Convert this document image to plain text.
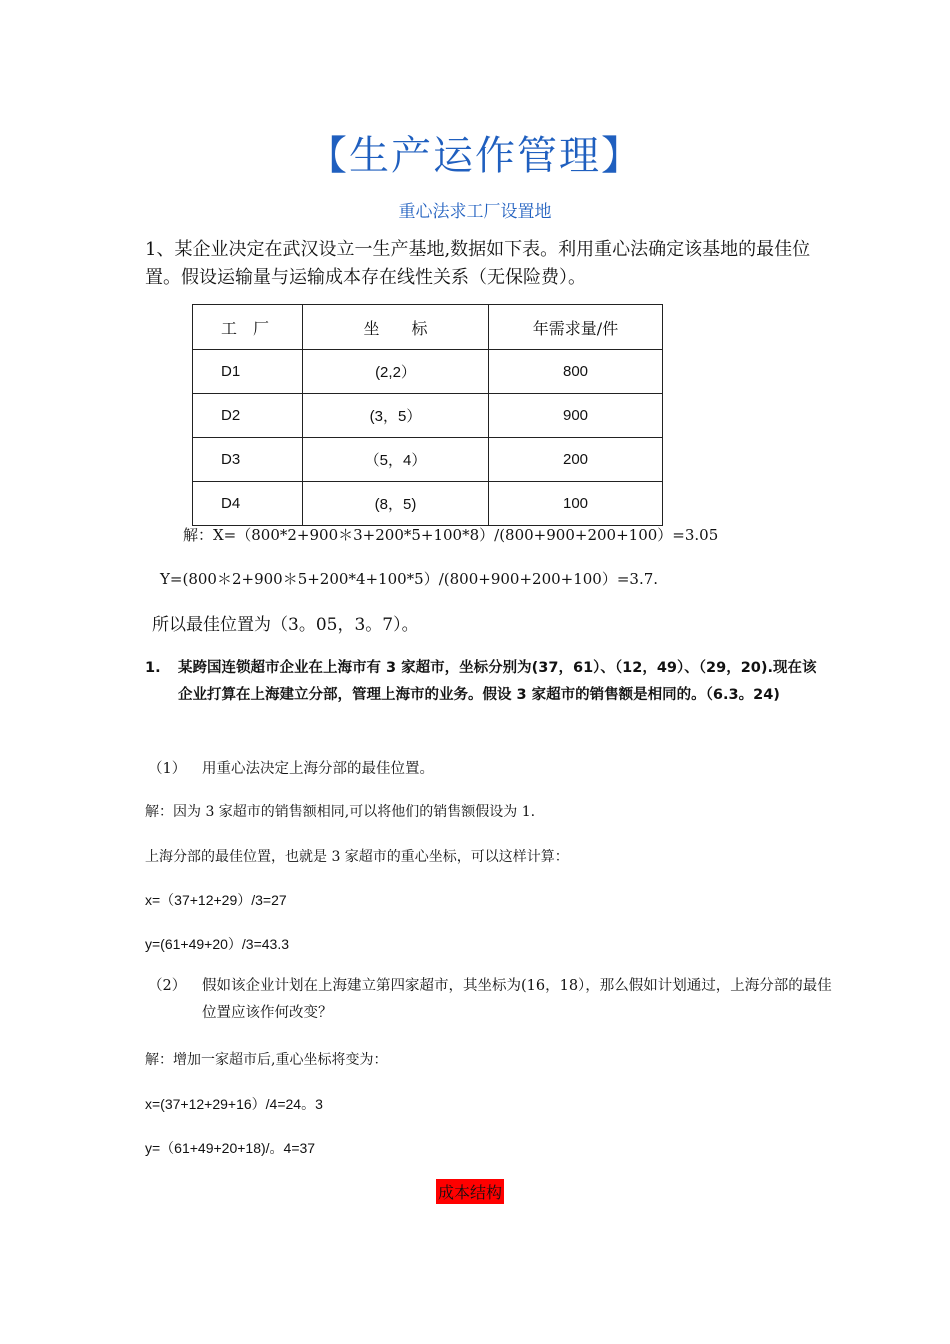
【生产运作管理】
重心法求工厂设置地
1、某企业决定在武汉设立一生产基地,数据如下表。利用重心法确定该基地的最佳位置。假设运输量与运输成本存在线性关系（无保险费）。
工　厂	坐　　标	年需求量/件
D1	(2,2）	800
D2	(3，5）	900
D3	（5，4）	200
D4	(8，5)	100
解：X=（800*2+900＊3+200*5+100*8）/(800+900+200+100）=3.05
Y=(800＊2+900＊5+200*4+100*5）/(800+900+200+100）=3.7.
所以最佳位置为（3。05，3。7）。
1. 某跨国连锁超市企业在上海市有 3 家超市，坐标分别为(37，61）、（12，49）、（29，20).现在该企业打算在上海建立分部，管理上海市的业务。假设 3 家超市的销售额是相同的。（6.3。24)
（1） 用重心法决定上海分部的最佳位置。
解：因为 3 家超市的销售额相同,可以将他们的销售额假设为 1.
上海分部的最佳位置，也就是 3 家超市的重心坐标，可以这样计算：
x=（37+12+29）/3=27
y=(61+49+20）/3=43.3
（2） 假如该企业计划在上海建立第四家超市，其坐标为(16，18），那么假如计划通过，上海分部的最佳位置应该作何改变？
解：增加一家超市后,重心坐标将变为：
x=(37+12+29+16）/4=24。3
y=（61+49+20+18)/。4=37
成本结构
